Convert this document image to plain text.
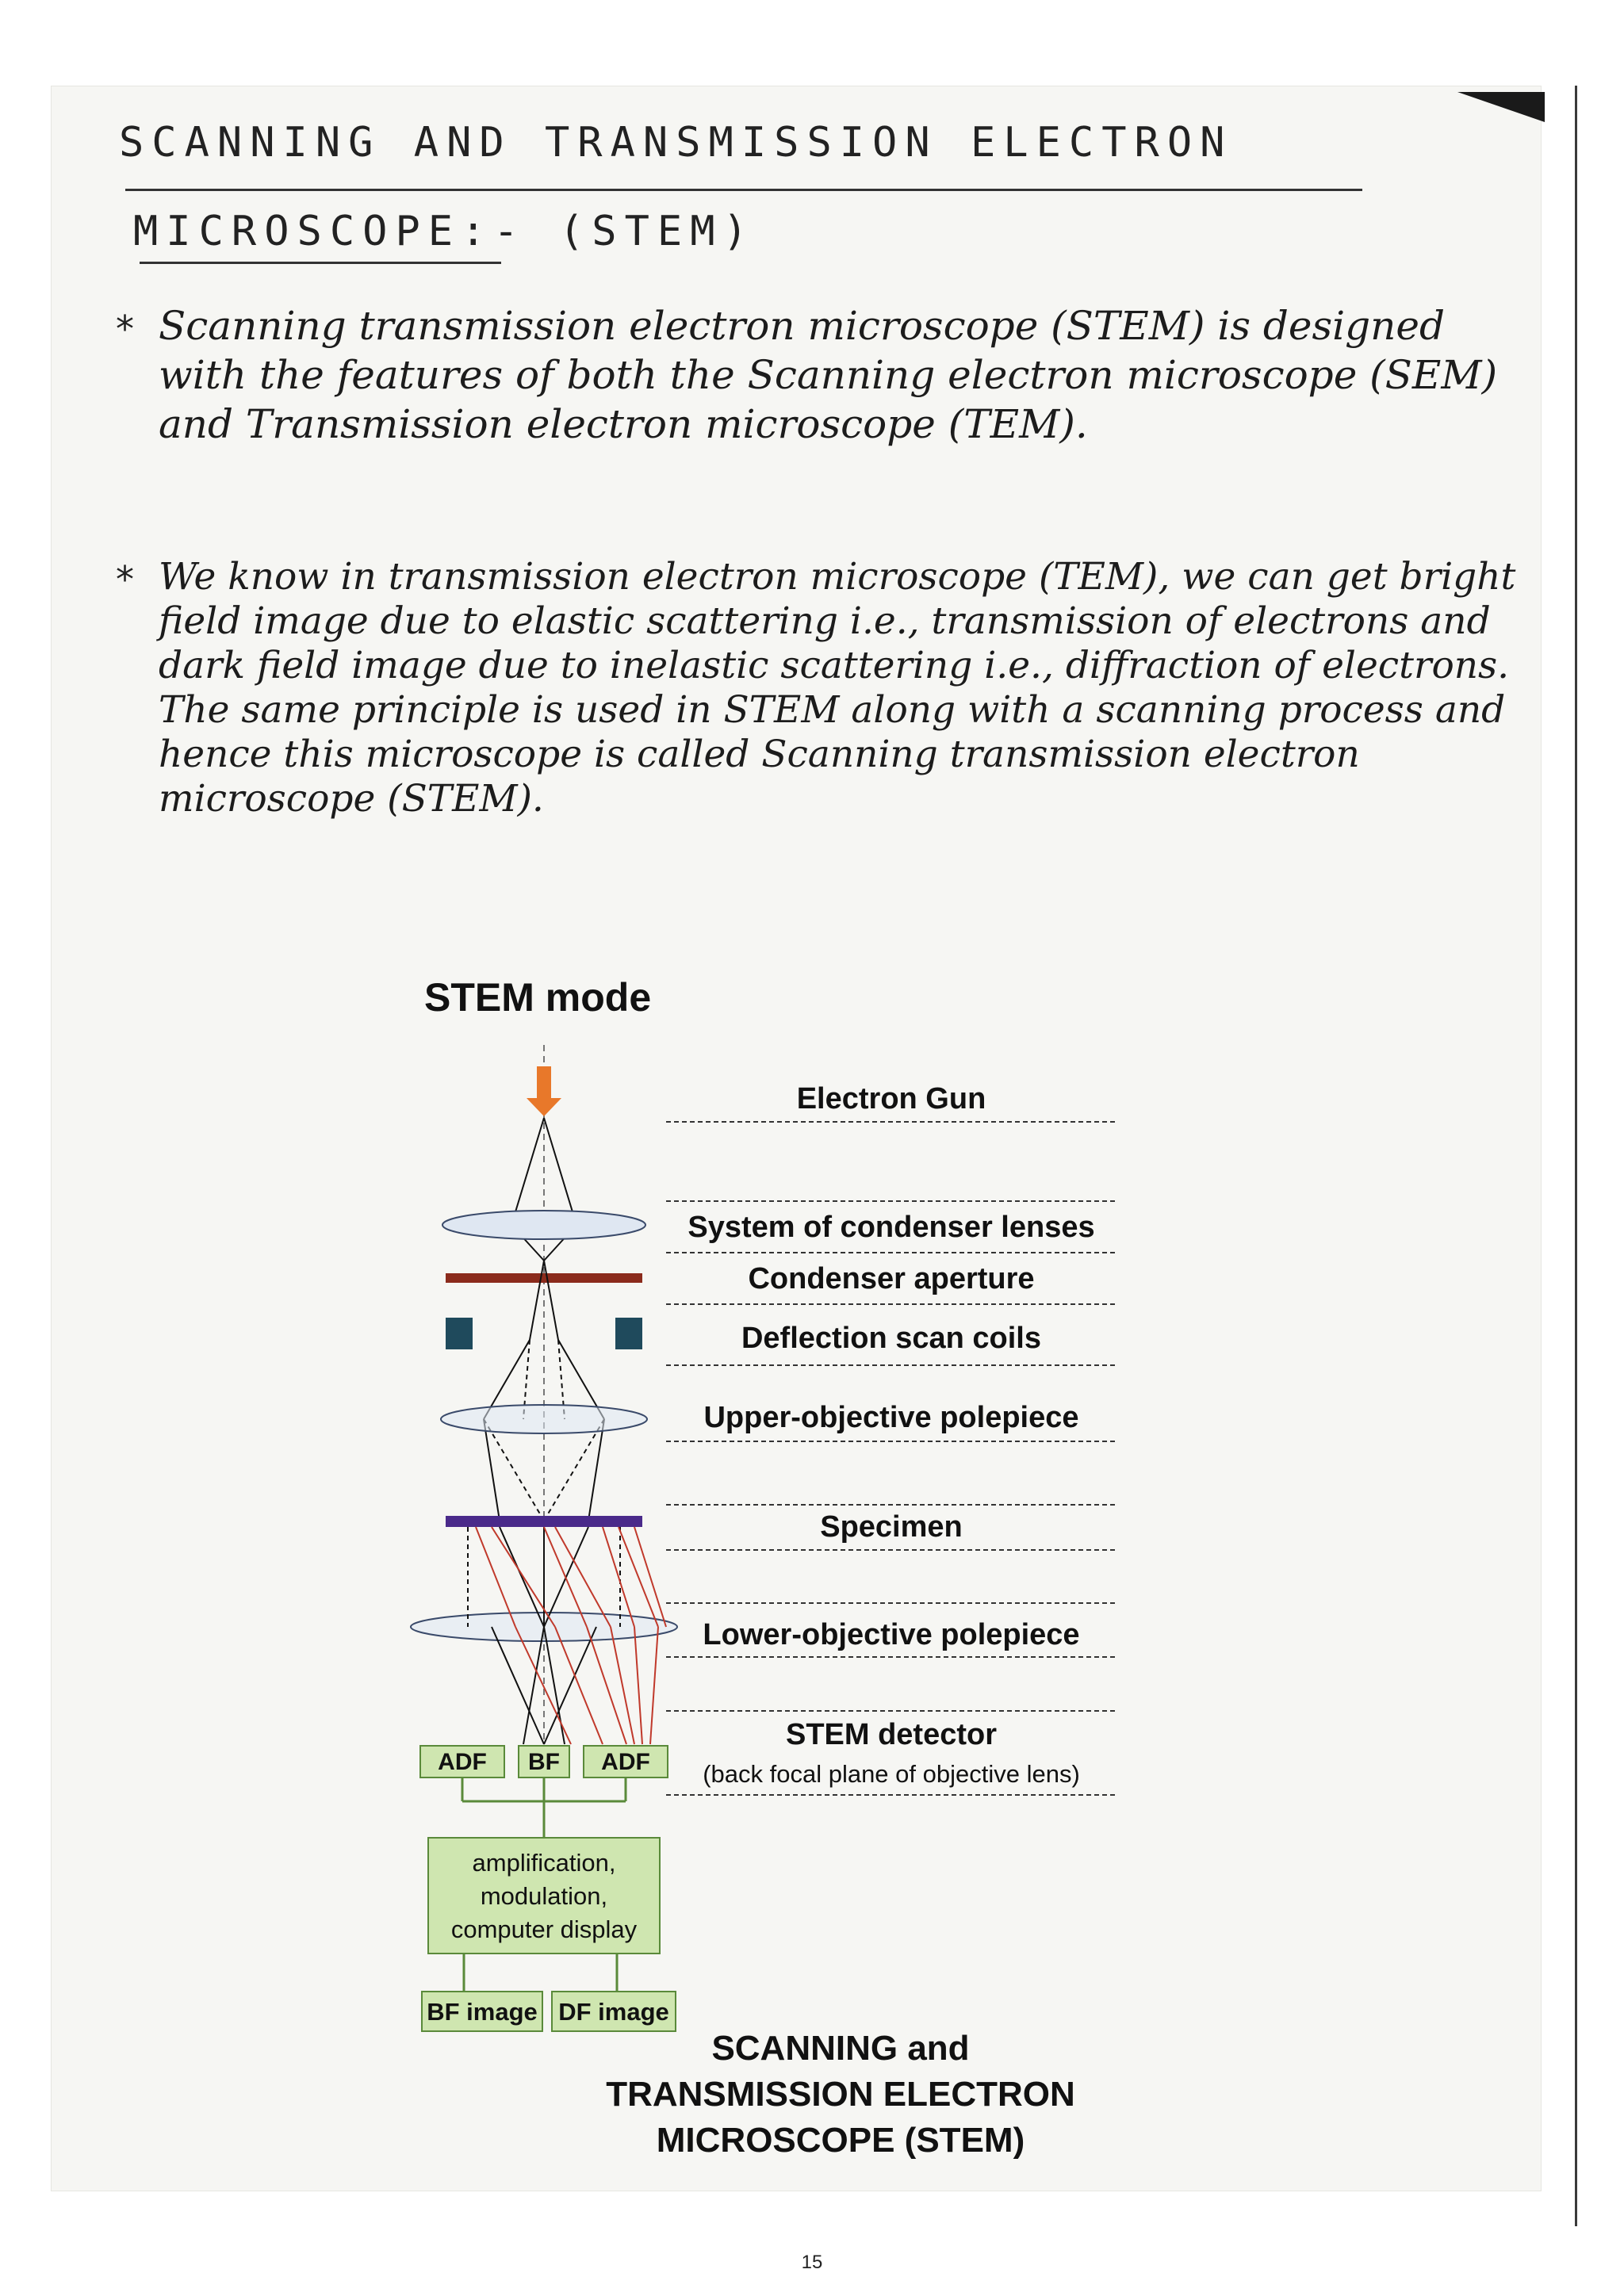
SCANNING AND TRANSMISSION ELECTRON
MICROSCOPE:- (STEM)
* Scanning transmission electron microscope (STEM) is designed with the features of both the Scanning electron microscope (SEM) and Transmission electron microscope (TEM).
* We know in transmission electron microscope (TEM), we can get bright field image due to elastic scattering i.e., transmission of electrons and dark field image due to inelastic scattering i.e., diffraction of electrons. The same principle is used in STEM along with a scanning process and hence this microscope is called Scanning transmission electron microscope (STEM).
STEM mode
ADF BF ADF
amplification,
modulation,
computer display
BF image DF image
Electron Gun
System of condenser lenses
Condenser aperture
Deflection scan coils
Upper-objective polepiece
Specimen
Lower-objective polepiece
STEM detector
(back focal plane of objective lens)
SCANNING and
TRANSMISSION ELECTRON
MICROSCOPE (STEM)
15
